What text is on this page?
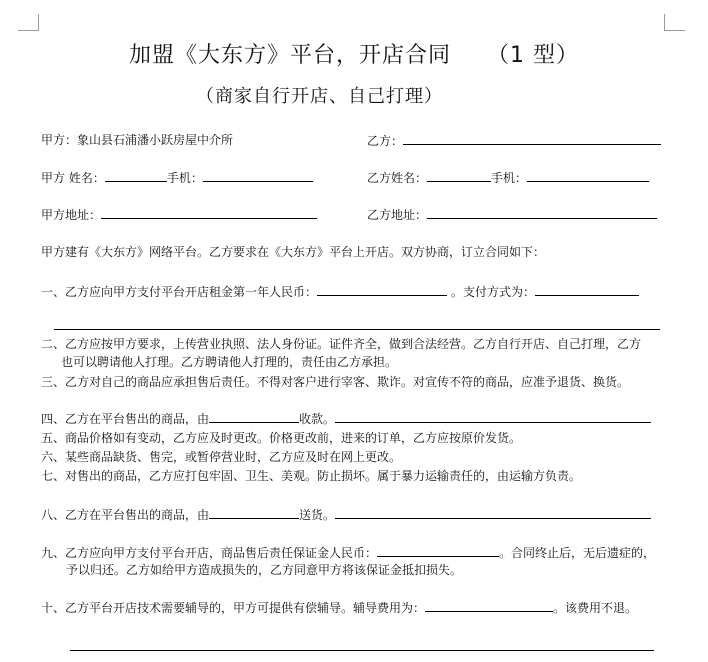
加盟《大东方》平台，开店合同 （1 型）
（商家自行开店、自己打理）
甲方：象山县石浦潘小跃房屋中介所	乙方：
甲方 姓名：	手机：	乙方姓名：	手机：
甲方地址：	乙方地址：
甲方建有《大东方》网络平台。乙方要求在《大东方》平台上开店。双方协商，订立合同如下：
一、乙方应向甲方支付平台开店租金第一年人民币：	。支付方式为：
二、乙方应按甲方要求，上传营业执照、法人身份证。证件齐全，做到合法经营。乙方自行开店、自己打理，乙方
也可以聘请他人打理。乙方聘请他人打理的，责任由乙方承担。
三、乙方对自己的商品应承担售后责任。不得对客户进行宰客、欺诈。对宣传不符的商品，应准予退货、换货。
四、乙方在平台售出的商品，由	收款。
五、商品价格如有变动，乙方应及时更改。价格更改前，进来的订单，乙方应按原价发货。
六、某些商品缺货、售完，或暂停营业时，乙方应及时在网上更改。
七、对售出的商品，乙方应打包牢固、卫生、美观。防止损坏。属于暴力运输责任的，由运输方负责。
八、乙方在平台售出的商品，由	送货。
九、乙方应向甲方支付平台开店，商品售后责任保证金人民币：	。合同终止后，无后遗症的，
予以归还。乙方如给甲方造成损失的，乙方同意甲方将该保证金抵扣损失。
十、乙方平台开店技术需要辅导的，甲方可提供有偿辅导。辅导费用为：	。该费用不退。
